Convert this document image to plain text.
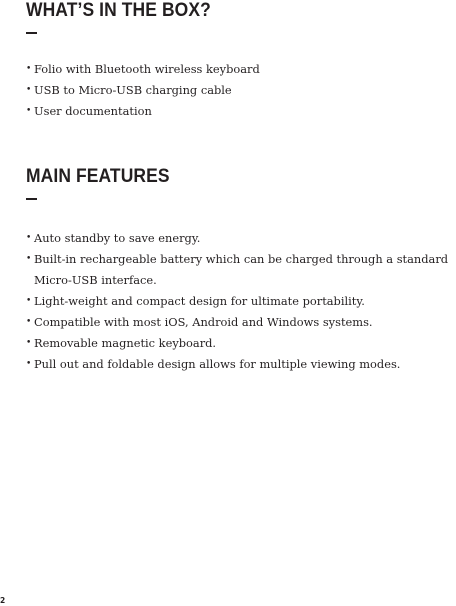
WHAT’S IN THE BOX?
• Folio with Bluetooth wireless keyboard
• USB to Micro-USB charging cable
• User documentation
MAIN FEATURES
• Auto standby to save energy.
• Built-in rechargeable battery which can be charged through a standard Micro-USB interface.
• Light-weight and compact design for ultimate portability.
• Compatible with most iOS, Android and Windows systems.
• Removable magnetic keyboard.
• Pull out and foldable design allows for multiple viewing modes.
2
